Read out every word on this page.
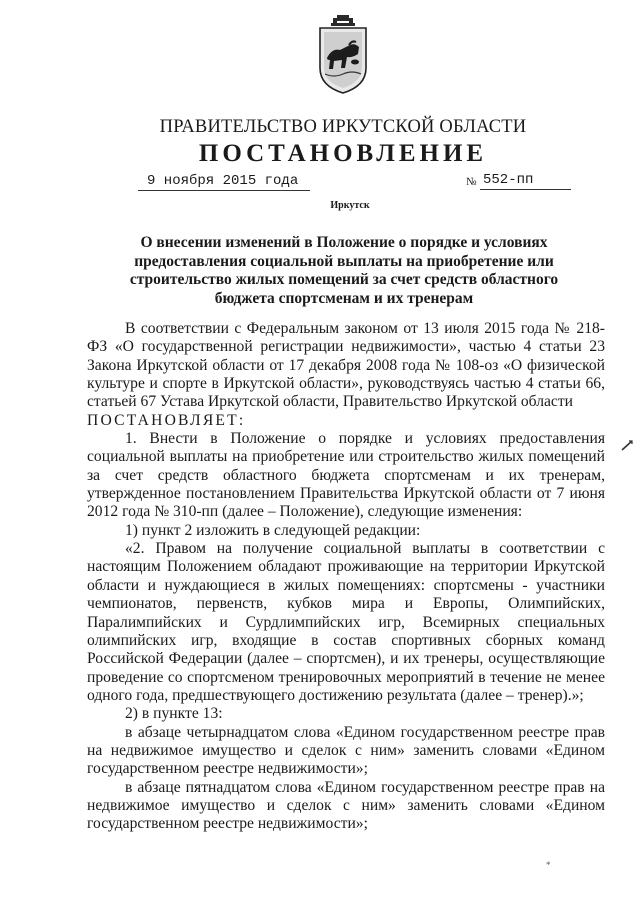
ПРАВИТЕЛЬСТВО ИРКУТСКОЙ ОБЛАСТИ
ПОСТАНОВЛЕНИЕ
9 ноября 2015 года	№ 552-пп
Иркутск
О внесении изменений в Положение о порядке и условиях предоставления социальной выплаты на приобретение или строительство жилых помещений за счет средств областного бюджета спортсменам и их тренерам

В соответствии с Федеральным законом от 13 июля 2015 года № 218-ФЗ «О государственной регистрации недвижимости», частью 4 статьи 23 Закона Иркутской области от 17 декабря 2008 года № 108-оз «О физической культуре и спорте в Иркутской области», руководствуясь частью 4 статьи 66, статьей 67 Устава Иркутской области, Правительство Иркутской области

ПОСТАНОВЛЯЕТ:

1. Внести в Положение о порядке и условиях предоставления социальной выплаты на приобретение или строительство жилых помещений за счет средств областного бюджета спортсменам и их тренерам, утвержденное постановлением Правительства Иркутской области от 7 июня 2012 года № 310-пп (далее – Положение), следующие изменения:

1) пункт 2 изложить в следующей редакции:

«2. Правом на получение социальной выплаты в соответствии с настоящим Положением обладают проживающие на территории Иркутской области и нуждающиеся в жилых помещениях: спортсмены - участники чемпионатов, первенств, кубков мира и Европы, Олимпийских, Паралимпийских и Сурдлимпийских игр, Всемирных специальных олимпийских игр, входящие в состав спортивных сборных команд Российской Федерации (далее – спортсмен), и их тренеры, осуществляющие проведение со спортсменом тренировочных мероприятий в течение не менее одного года, предшествующего достижению результата (далее – тренер).»;

2) в пункте 13:

в абзаце четырнадцатом слова «Едином государственном реестре прав на недвижимое имущество и сделок с ним» заменить словами «Едином государственном реестре недвижимости»;

в абзаце пятнадцатом слова «Едином государственном реестре прав на недвижимое имущество и сделок с ним» заменить словами «Едином государственном реестре недвижимости»;

*
